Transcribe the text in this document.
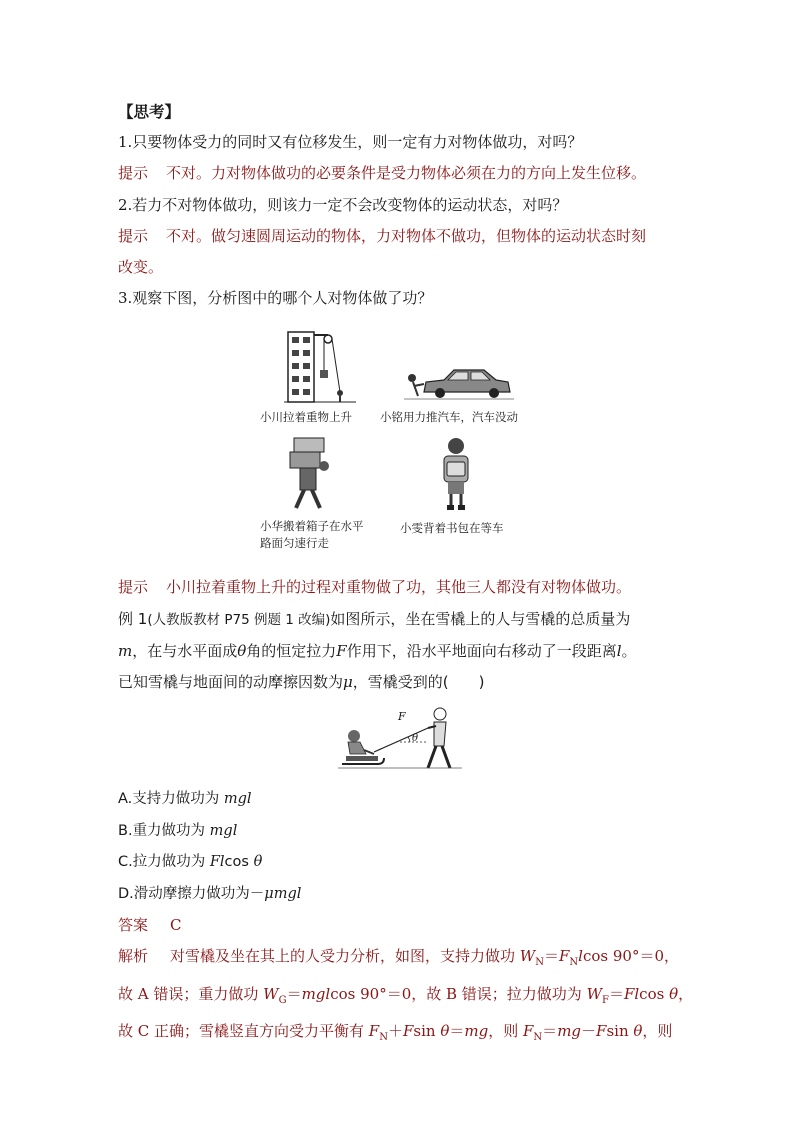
【思考】
1.只要物体受力的同时又有位移发生，则一定有力对物体做功，对吗？
提示 不对。力对物体做功的必要条件是受力物体必须在力的方向上发生位移。
2.若力不对物体做功，则该力一定不会改变物体的运动状态，对吗？
提示 不对。做匀速圆周运动的物体，力对物体不做功，但物体的运动状态时刻
改变。
3.观察下图，分析图中的哪个人对物体做了功？
小川拉着重物上升 小铭用力推汽车，汽车没动
小华搬着箱子在水平
路面匀速行走
小雯背着书包在等车
提示 小川拉着重物上升的过程对重物做了功，其他三人都没有对物体做功。
例 1(人教版教材 P75 例题 1 改编)如图所示，坐在雪橇上的人与雪橇的总质量为
m，在与水平面成θ角的恒定拉力F作用下，沿水平地面向右移动了一段距离l。
已知雪橇与地面间的动摩擦因数为μ，雪橇受到的(　　)
F
θ
A.支持力做功为 mgl
B.重力做功为 mgl
C.拉力做功为 Flcos θ
D.滑动摩擦力做功为－μmgl
答案 C
解析 对雪橇及坐在其上的人受力分析，如图，支持力做功 $W_N=F_Nlcos$ 90°＝0，
故 A 错误；重力做功 $W_G=mglcos$ 90°＝0，故 B 错误；拉力做功为 $W_F=Flcos$ θ，
故 C 正确；雪橇竖直方向受力平衡有 $F_N+Fsin$ θ＝mg，则 $F_N=mg-Fsin$ θ，则
